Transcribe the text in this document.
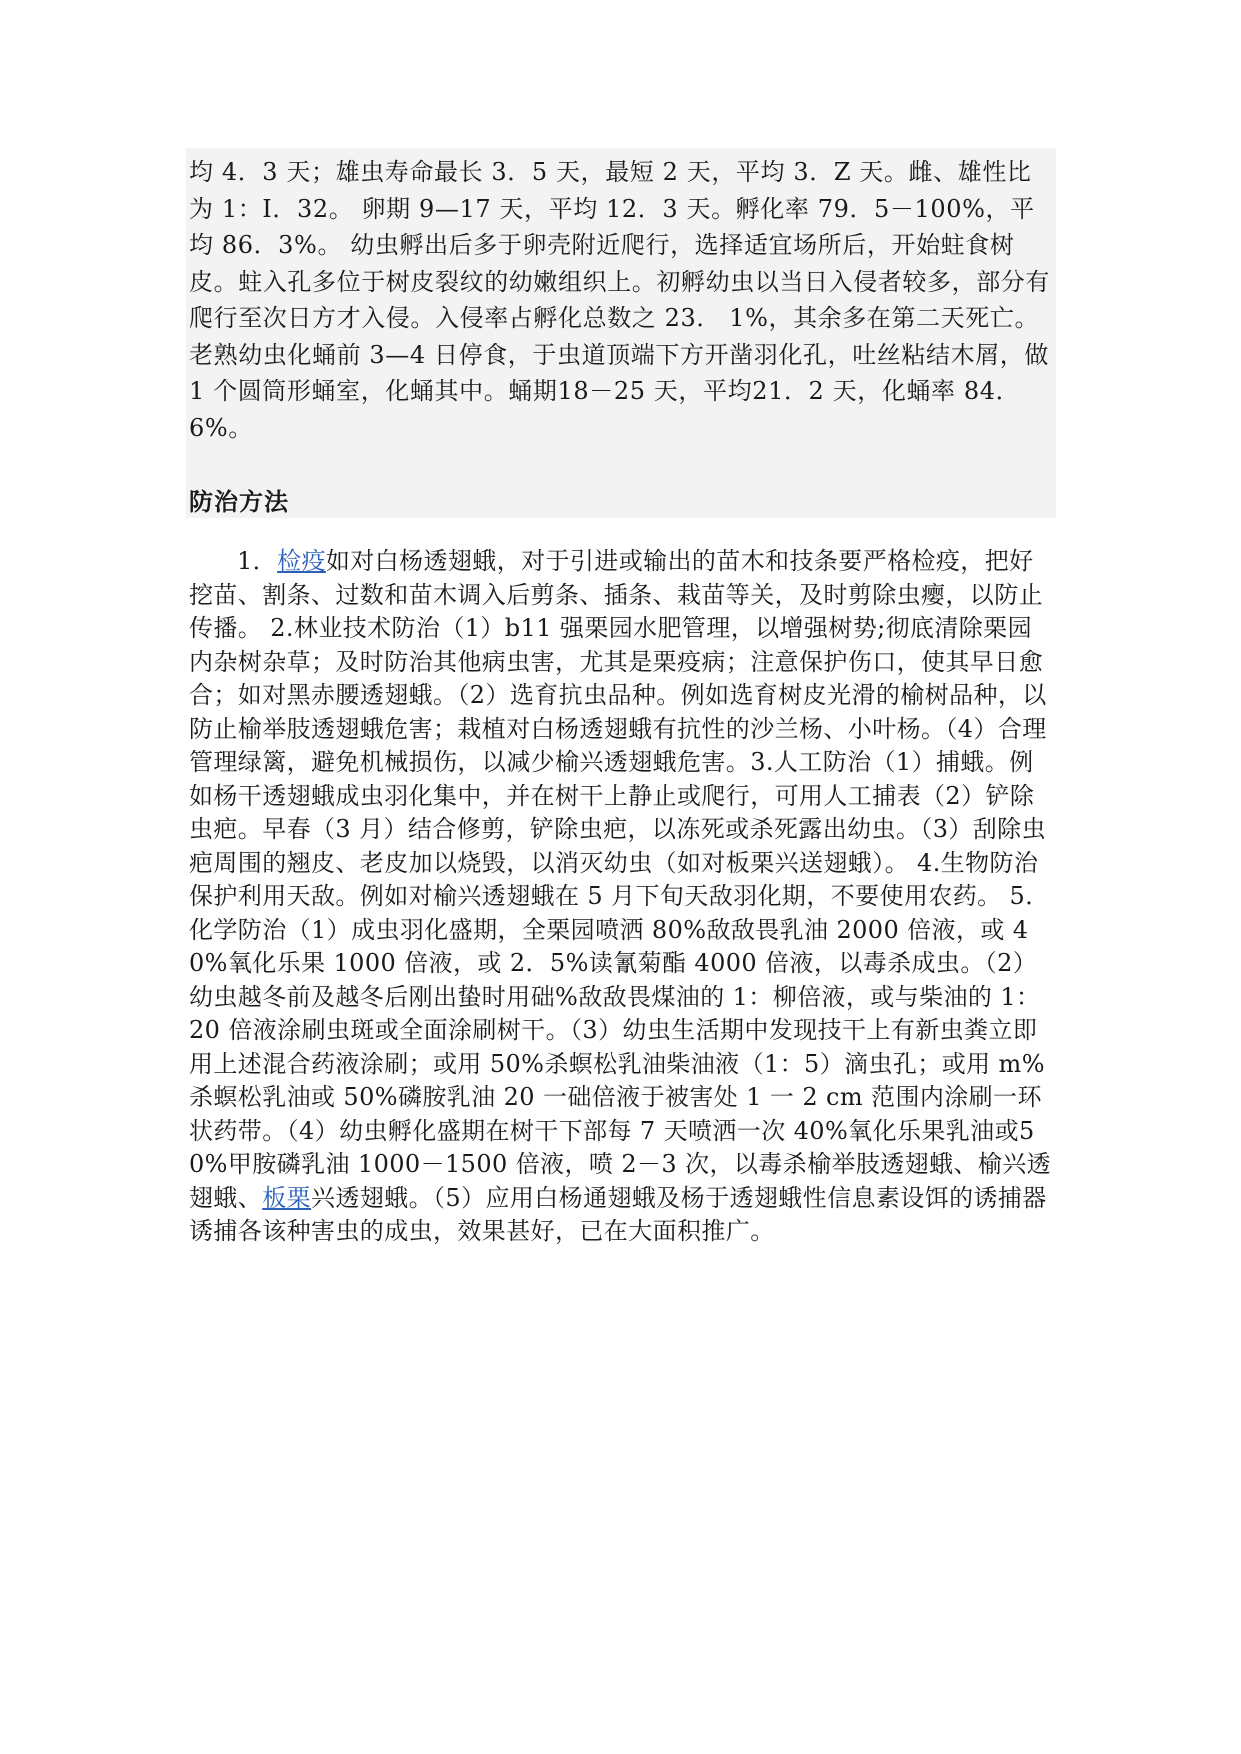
均 4．3 天；雄虫寿命最长 3．5 天，最短 2 天，平均 3．Z 天。雌、雄性比为 1：I．32。 卵期 9—17 天，平均 12．3 天。孵化率 79．5－100%，平均 86．3%。 幼虫孵出后多于卵壳附近爬行，选择适宜场所后，开始蛀食树皮。蛀入孔多位于树皮裂纹的幼嫩组织上。初孵幼虫以当日入侵者较多，部分有爬行至次日方才入侵。入侵率占孵化总数之 23． 1%，其余多在第二天死亡。老熟幼虫化蛹前 3—4 日停食，于虫道顶端下方开凿羽化孔，吐丝粘结木屑，做 1 个圆筒形蛹室，化蛹其中。蛹期18－25 天，平均21．2 天，化蛹率 84．6%。

防治方法

1．检疫如对白杨透翅蛾，对于引进或输出的苗木和技条要严格检疫，把好挖苗、割条、过数和苗木调入后剪条、插条、栽苗等关，及时剪除虫瘿，以防止传播。 2.林业技术防治（1）b11 强栗园水肥管理，以增强树势;彻底清除栗园内杂树杂草；及时防治其他病虫害，尤其是栗疫病；注意保护伤口，使其早日愈合；如对黑赤腰透翅蛾。（2）选育抗虫品种。例如选育树皮光滑的榆树品种，以防止榆举肢透翅蛾危害；栽植对白杨透翅蛾有抗性的沙兰杨、小叶杨。（4）合理管理绿篱，避免机械损伤，以减少榆兴透翅蛾危害。3.人工防治（1）捕蛾。例如杨干透翅蛾成虫羽化集中，并在树干上静止或爬行，可用人工捕表（2）铲除虫疤。早春（3 月）结合修剪，铲除虫疤，以冻死或杀死露出幼虫。（3）刮除虫疤周围的翘皮、老皮加以烧毁，以消灭幼虫（如对板栗兴送翅蛾）。 4.生物防治保护利用天敌。例如对榆兴透翅蛾在 5 月下旬天敌羽化期，不要使用农药。 5．化学防治（1）成虫羽化盛期，全栗园喷洒 80%敌敌畏乳油 2000 倍液，或 40%氧化乐果 1000 倍液，或 2．5%读氰菊酯 4000 倍液，以毒杀成虫。（2）幼虫越冬前及越冬后刚出蛰时用础%敌敌畏煤油的 1：柳倍液，或与柴油的 1：20 倍液涂刷虫斑或全面涂刷树干。（3）幼虫生活期中发现技干上有新虫粪立即用上述混合药液涂刷；或用 50%杀螟松乳油柴油液（1：5）滴虫孔；或用 m%杀螟松乳油或 50%磷胺乳油 20 一础倍液于被害处 1 一 2 cm 范围内涂刷一环状药带。（4）幼虫孵化盛期在树干下部每 7 天喷洒一次 40%氧化乐果乳油或50%甲胺磷乳油 1000－1500 倍液，喷 2－3 次，以毒杀榆举肢透翅蛾、榆兴透翅蛾、板栗兴透翅蛾。（5）应用白杨通翅蛾及杨于透翅蛾性信息素设饵的诱捕器诱捕各该种害虫的成虫，效果甚好，已在大面积推广。
